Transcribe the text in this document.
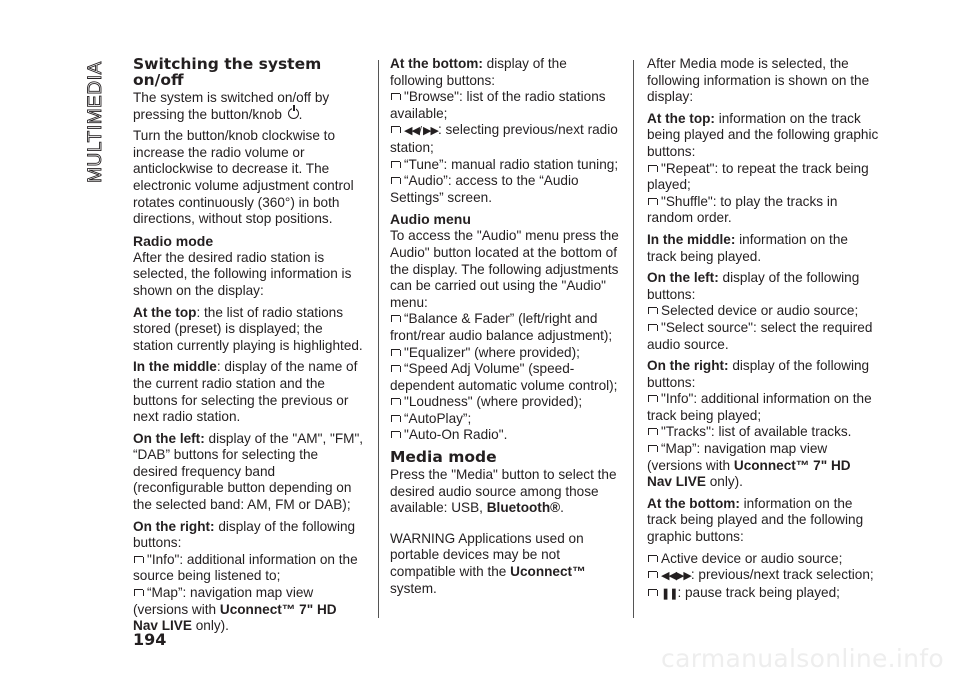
MULTIMEDIA Switching the system on/off

The system is switched on/off by pressing the button/knob .

Turn the button/knob clockwise to increase the radio volume or anticlockwise to decrease it. The electronic volume adjustment control rotates continuously (360°) in both directions, without stop positions.

Radio mode

After the desired radio station is selected, the following information is shown on the display:

At the top: the list of radio stations stored (preset) is displayed; the station currently playing is highlighted.

In the middle: display of the name of the current radio station and the buttons for selecting the previous or next radio station.

On the left: display of the "AM", "FM", “DAB” buttons for selecting the desired frequency band (reconfigurable button depending on the selected band: AM, FM or DAB);

On the right: display of the following buttons:

"Info": additional information on the source being listened to;

“Map”: navigation map view (versions with Uconnect™ 7" HD Nav LIVE only).

At the bottom: display of the following buttons:

"Browse": list of the radio stations available;

◀◀/ ▶▶: selecting previous/next radio station;

“Tune”: manual radio station tuning;

“Audio”: access to the “Audio Settings” screen.

Audio menu

To access the "Audio" menu press the Audio" button located at the bottom of the display. The following adjustments can be carried out using the "Audio" menu:

“Balance & Fader” (left/right and front/rear audio balance adjustment);

"Equalizer" (where provided);

“Speed Adj Volume" (speed-dependent automatic volume control);

"Loudness" (where provided);

“AutoPlay”;

"Auto-On Radio".

Media mode

Press the "Media" button to select the desired audio source among those available: USB, Bluetooth®.

WARNING Applications used on portable devices may be not compatible with the Uconnect™ system.

After Media mode is selected, the following information is shown on the display:

At the top: information on the track being played and the following graphic buttons:

"Repeat": to repeat the track being played;

"Shuffle": to play the tracks in random order.

In the middle: information on the track being played.

On the left: display of the following buttons:

Selected device or audio source;

"Select source": select the required audio source.

On the right: display of the following buttons:

"Info": additional information on the track being played;

"Tracks": list of available tracks.

“Map”: navigation map view (versions with Uconnect™ 7" HD Nav LIVE only).

At the bottom: information on the track being played and the following graphic buttons:

Active device or audio source;

◀◀▶▶: previous/next track selection;

❚❚: pause track being played;

194
carmanualsonline.info
